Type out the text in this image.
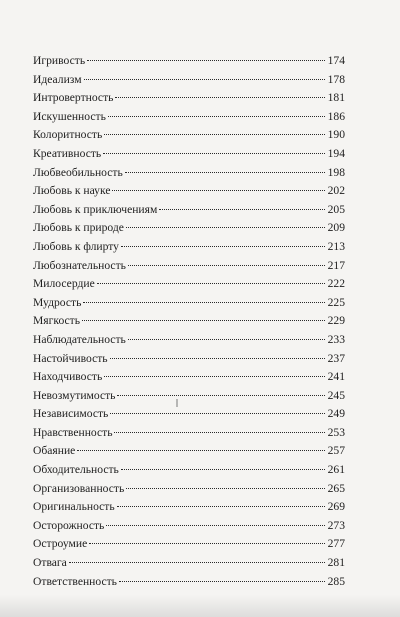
Игривость	174
Идеализм	178
Интровертность	181
Искушенность	186
Колоритность	190
Креативность	194
Любвеобильность	198
Любовь к науке	202
Любовь к приключениям	205
Любовь к природе	209
Любовь к флирту	213
Любознательность	217
Милосердие	222
Мудрость	225
Мягкость	229
Наблюдательность	233
Настойчивость	237
Находчивость	241
Невозмутимость	245
Независимость	249
Нравственность	253
Обаяние	257
Обходительность	261
Организованность	265
Оригинальность	269
Осторожность	273
Остроумие	277
Отвага	281
Ответственность	285
